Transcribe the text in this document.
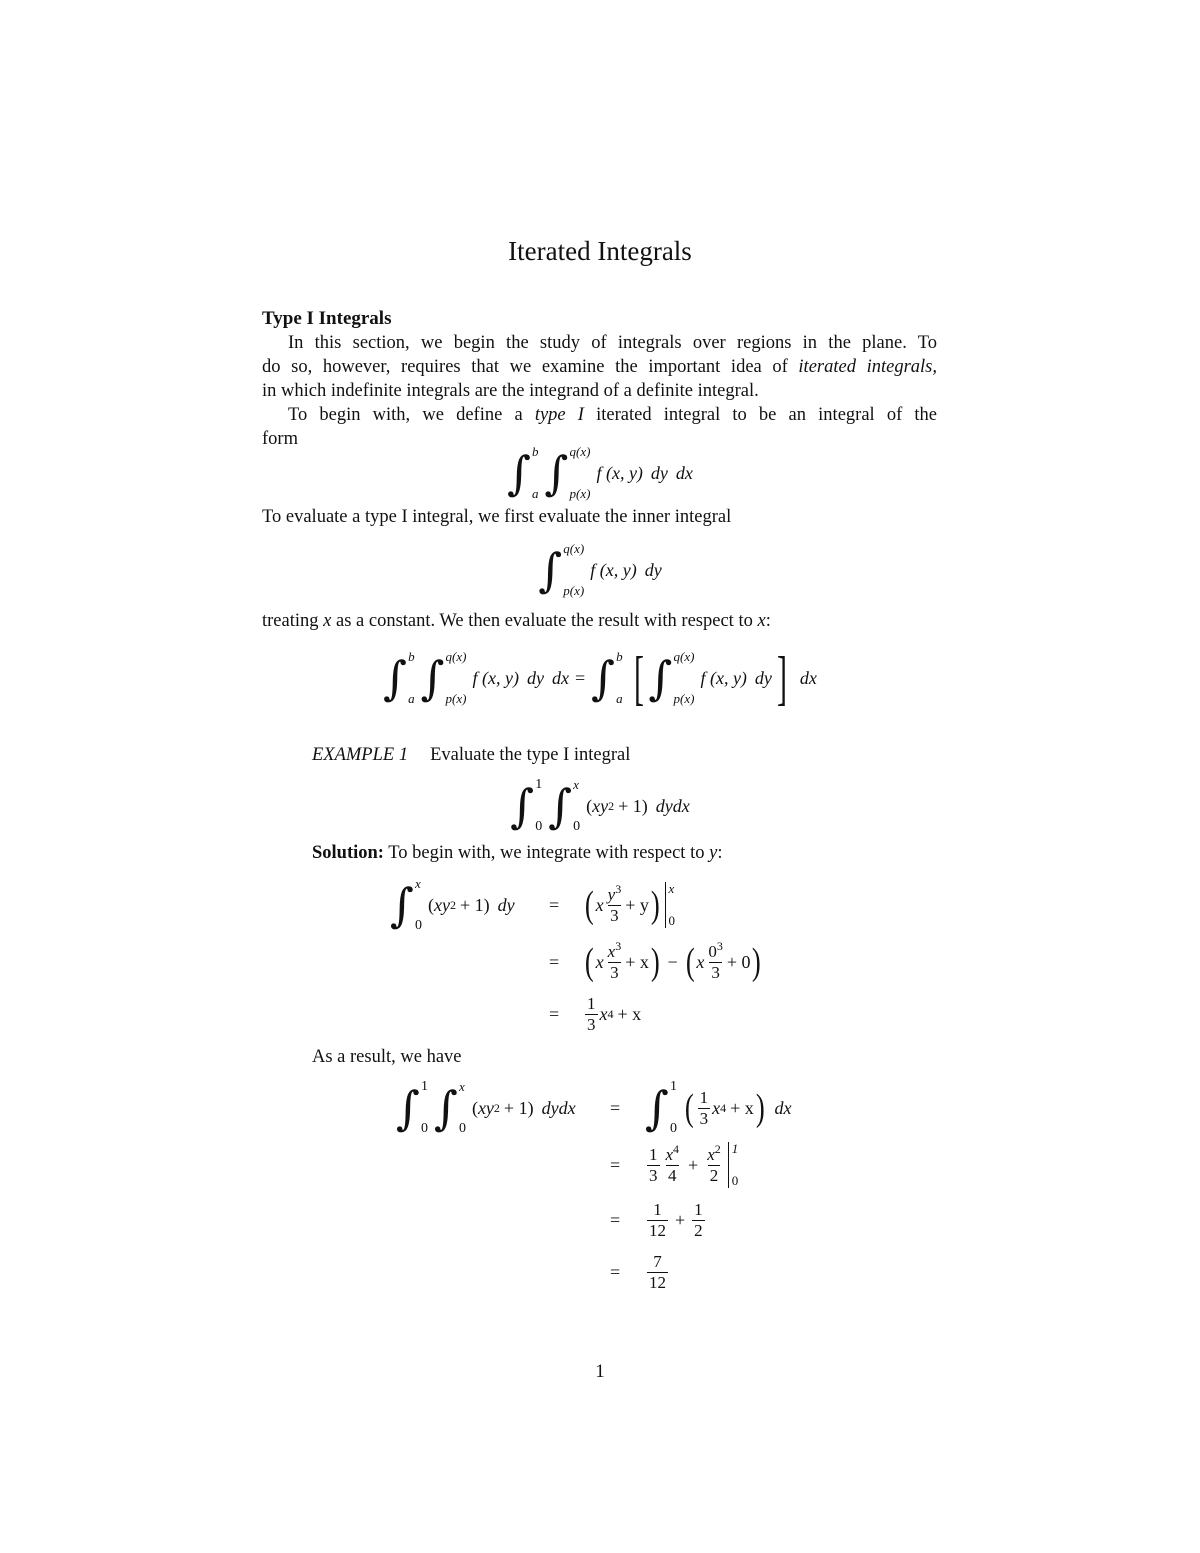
Iterated Integrals
Type I Integrals
In this section, we begin the study of integrals over regions in the plane. To
do so, however, requires that we examine the important idea of iterated integrals,
in which indefinite integrals are the integrand of a definite integral.
To begin with, we define a type I iterated integral to be an integral of the
form
∫ b
a ∫ q(x)
p(x)
f (x, y) dy dx
To evaluate a type I integral, we first evaluate the inner integral
∫ q(x)
p(x)
f (x, y) dy
treating x as a constant. We then evaluate the result with respect to x:
∫ b
a ∫ q(x)
p(x)
f (x, y) dy dx = ∫ b
a [ ∫ q(x)
p(x)
f (x, y) dy ] dx
EXAMPLE 1 Evaluate the type I integral
∫ 1
0 ∫ x
0
( xy 2 + 1 ) dydx
Solution: To begin with, we integrate with respect to y:
∫ x
0
( xy 2 + 1 ) dy = ( x $\frac{y^3}{3} + y$ ) x
0
= ( x $\frac{x^3}{3} + x$ ) − ( x $\frac{0^3}{3} + 0$ )
= $\frac{1}{3}$ x 4 + x
As a result, we have
∫ 1
0 ∫ x
0
( xy 2 + 1 ) dydx = ∫ 1
0 ( $\frac{1}{3}$ x 4 + x ) dx
= $\frac{1}{3} \frac{x^4}{4} + \frac{x^2}{2} 1$
0
= $\frac{1}{12} + \frac{1}{2}$
= $\frac{7}{12}$
1
